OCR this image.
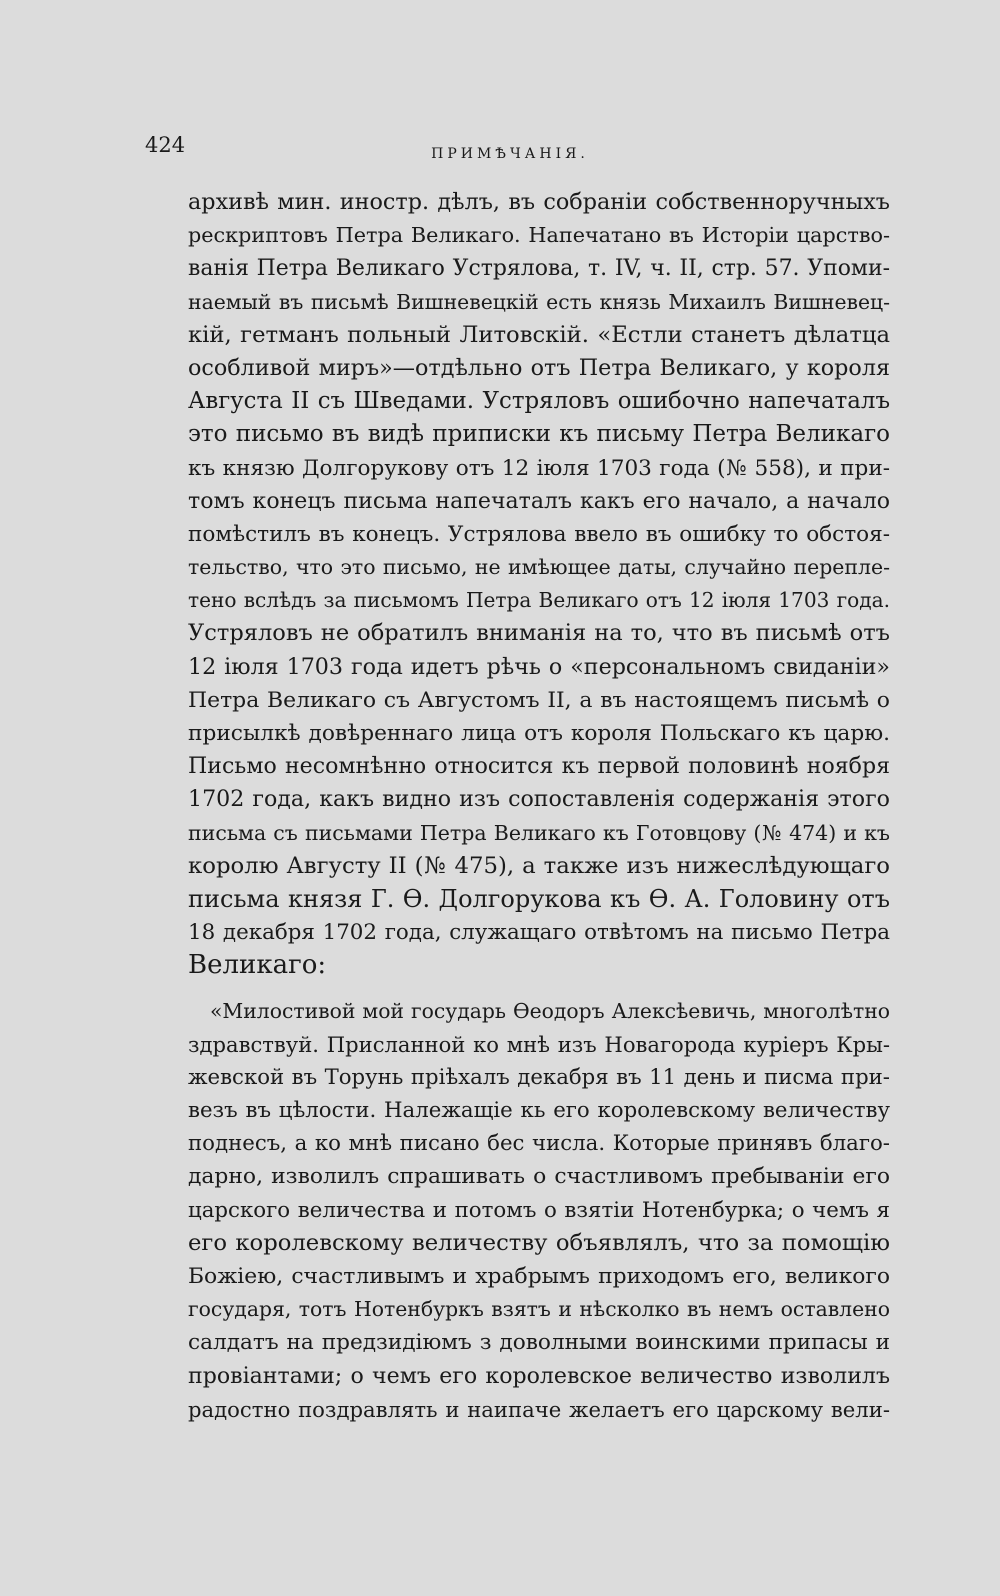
424	ПРИМѢЧАНІЯ.
архивѣ мин. иностр. дѣлъ, въ собраніи собственноручныхъ
рескриптовъ Петра Великаго. Напечатано въ Исторіи царство-
ванія Петра Великаго Устрялова, т. IV, ч. II, стр. 57. Упоми-
наемый въ письмѣ Вишневецкій есть князь Михаилъ Вишневец-
кій, гетманъ польный Литовскій. «Естли станетъ дѣлатца
особливой миръ»—отдѣльно отъ Петра Великаго, у короля
Августа II съ Шведами. Устряловъ ошибочно напечаталъ
это письмо въ видѣ приписки къ письму Петра Великаго
къ князю Долгорукову отъ 12 іюля 1703 года (№ 558), и при-
томъ конецъ письма напечаталъ какъ его начало, а начало
помѣстилъ въ конецъ. Устрялова ввело въ ошибку то обстоя-
тельство, что это письмо, не имѣющее даты, случайно перепле-
тено вслѣдъ за письмомъ Петра Великаго отъ 12 іюля 1703 года.
Устряловъ не обратилъ вниманія на то, что въ письмѣ отъ
12 іюля 1703 года идетъ рѣчь о «персональномъ свиданіи»
Петра Великаго съ Августомъ II, а въ настоящемъ письмѣ о
присылкѣ довѣреннаго лица отъ короля Польскаго къ царю.
Письмо несомнѣнно относится къ первой половинѣ ноября
1702 года, какъ видно изъ сопоставленія содержанія этого
письма съ письмами Петра Великаго къ Готовцову (№ 474) и къ
королю Августу II (№ 475), а также изъ нижеслѣдующаго
письма князя Г. Ѳ. Долгорукова къ Ѳ. А. Головину отъ
18 декабря 1702 года, служащаго отвѣтомъ на письмо Петра
Великаго:
«Милостивой мой государь Ѳеодоръ Алексѣевичь, многолѣтно
здравствуй. Присланной ко мнѣ изъ Новагорода куріеръ Кры-
жевской въ Торунь пріѣхалъ декабря въ 11 день и писма при-
везъ въ цѣлости. Належащіе кь его королевскому величеству
поднесъ, а ко мнѣ писано бес числа. Которые принявъ благо-
дарно, изволилъ спрашивать о счастливомъ пребываніи его
царского величества и потомъ о взятіи Нотенбурка; о чемъ я
его королевскому величеству объявлялъ, что за помощію
Божіею, счастливымъ и храбрымъ приходомъ его, великого
государя, тотъ Нотенбуркъ взятъ и нѣсколко въ немъ оставлено
салдатъ на предзидіюмъ з доволными воинскими припасы и
провіантами; о чемъ его королевское величество изволилъ
радостно поздравлять и наипаче желаетъ его царскому вели-
